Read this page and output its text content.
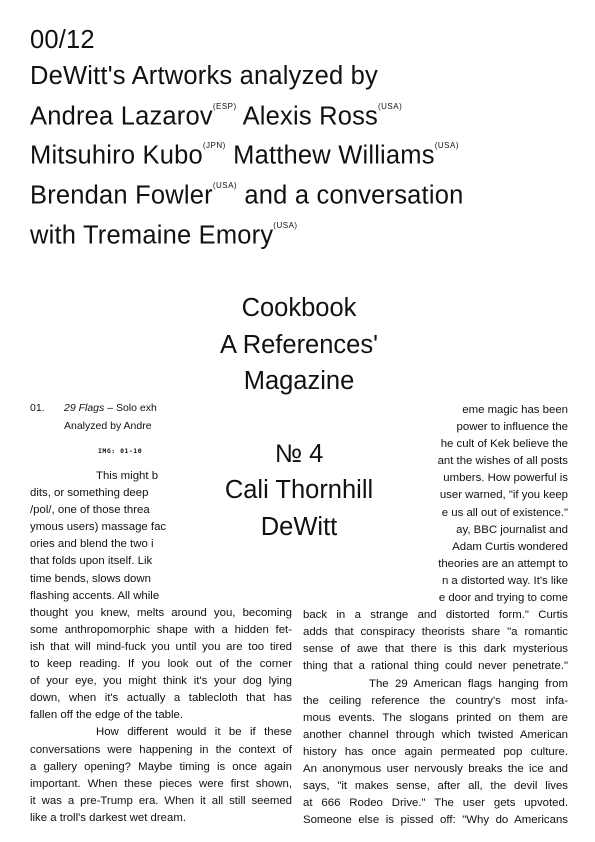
00/12
DeWitt's Artworks analyzed by
Andrea Lazarov$^{(ESP)}$ Alexis Ross$^{(USA)}$
Mitsuhiro Kubo$^{(JPN)}$ Matthew Williams$^{(USA)}$
Brendan Fowler$^{(USA)}$ and a conversation
with Tremaine Emory$^{(USA)}$
01. 29 Flags – Solo exh
Analyzed by Andre
IMG: 01-10
This might b
dits, or something deep
/pol/, one of those threa
ymous users) massage fac
ories and blend the two i
that folds upon itself. Lik
time bends, slows down
flashing accents. All while
thought you knew, melts around you, becoming
some anthropomorphic shape with a hidden fet-
ish that will mind-fuck you until you are too tired
to keep reading. If you look out of the corner
of your eye, you might think it's your dog lying
down, when it's actually a tablecloth that has
fallen off the edge of the table.
How different would it be if these
conversations were happening in the context of
a gallery opening? Maybe timing is once again
important. When these pieces were first shown,
it was a pre-Trump era. When it all still seemed
like a troll's darkest wet dream.
eme magic has been
power to influence the
he cult of Kek believe the
ant the wishes of all posts
umbers. How powerful is
user warned, "if you keep
e us all out of existence."
ay, BBC journalist and
Adam Curtis wondered
theories are an attempt to
n a distorted way. It's like
e door and trying to come
back in a strange and distorted form." Curtis
adds that conspiracy theorists share "a romantic
sense of awe that there is this dark mysterious
thing that a rational thing could never penetrate."
The 29 American flags hanging from
the ceiling reference the country's most infa-
mous events. The slogans printed on them are
another channel through which twisted American
history has once again permeated pop culture.
An anonymous user nervously breaks the ice and
says, "it makes sense, after all, the devil lives
at 666 Rodeo Drive." The user gets upvoted.
Someone else is pissed off: "Why do Americans
Cookbook
A References'
Magazine
№ 4
Cali Thornhill
DeWitt
